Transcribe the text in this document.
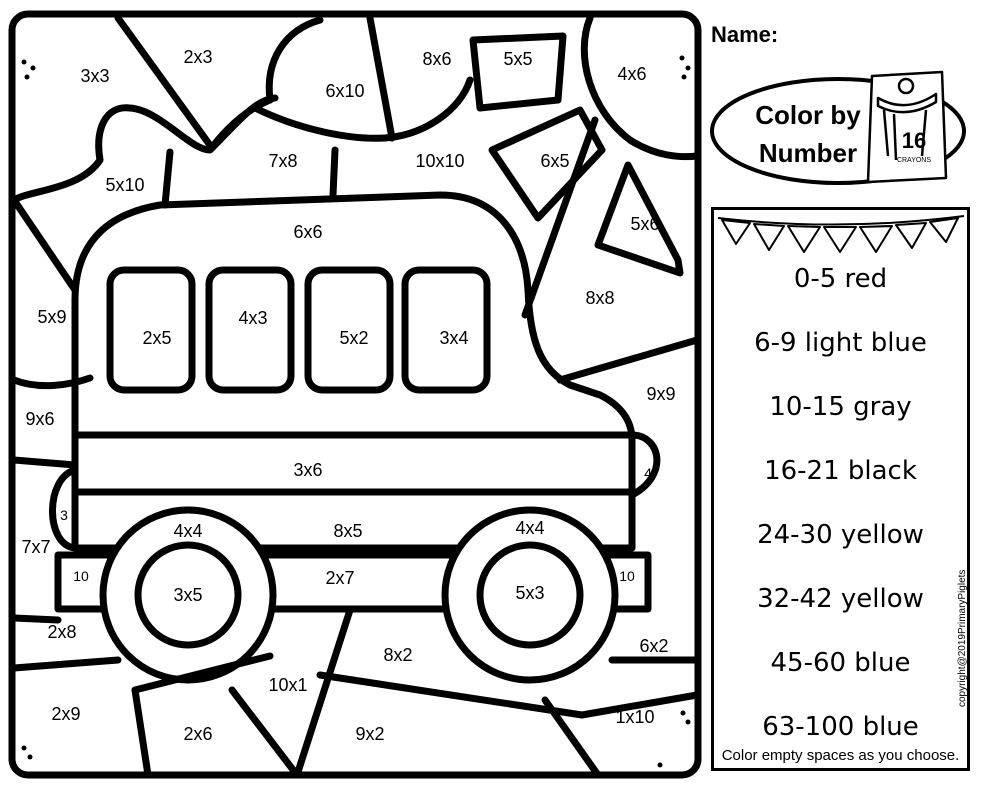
3x3
2x3
6x10
8x6	5x5
4x6
7x8	10x10	6x5
5x10
5x6
6x6
8x8
5x9
2x5
4x3
5x2	3x4
9x9
9x6
3x6	4
3
7x7
4x4	8x5	4x4
10	10
3x5
2x7
5x3
2x8
8x2	6x2
10x1
2x9
2x6	9x2
1x10
Name:
Color by
Number	16
CRAYONS
0-5 red
6-9 light blue
10-15 gray
16-21 black
24-30 yellow
32-42 yellow
45-60 blue
63-100 blue
Color empty spaces as you choose.
copyright@2019PrimaryPiglets
